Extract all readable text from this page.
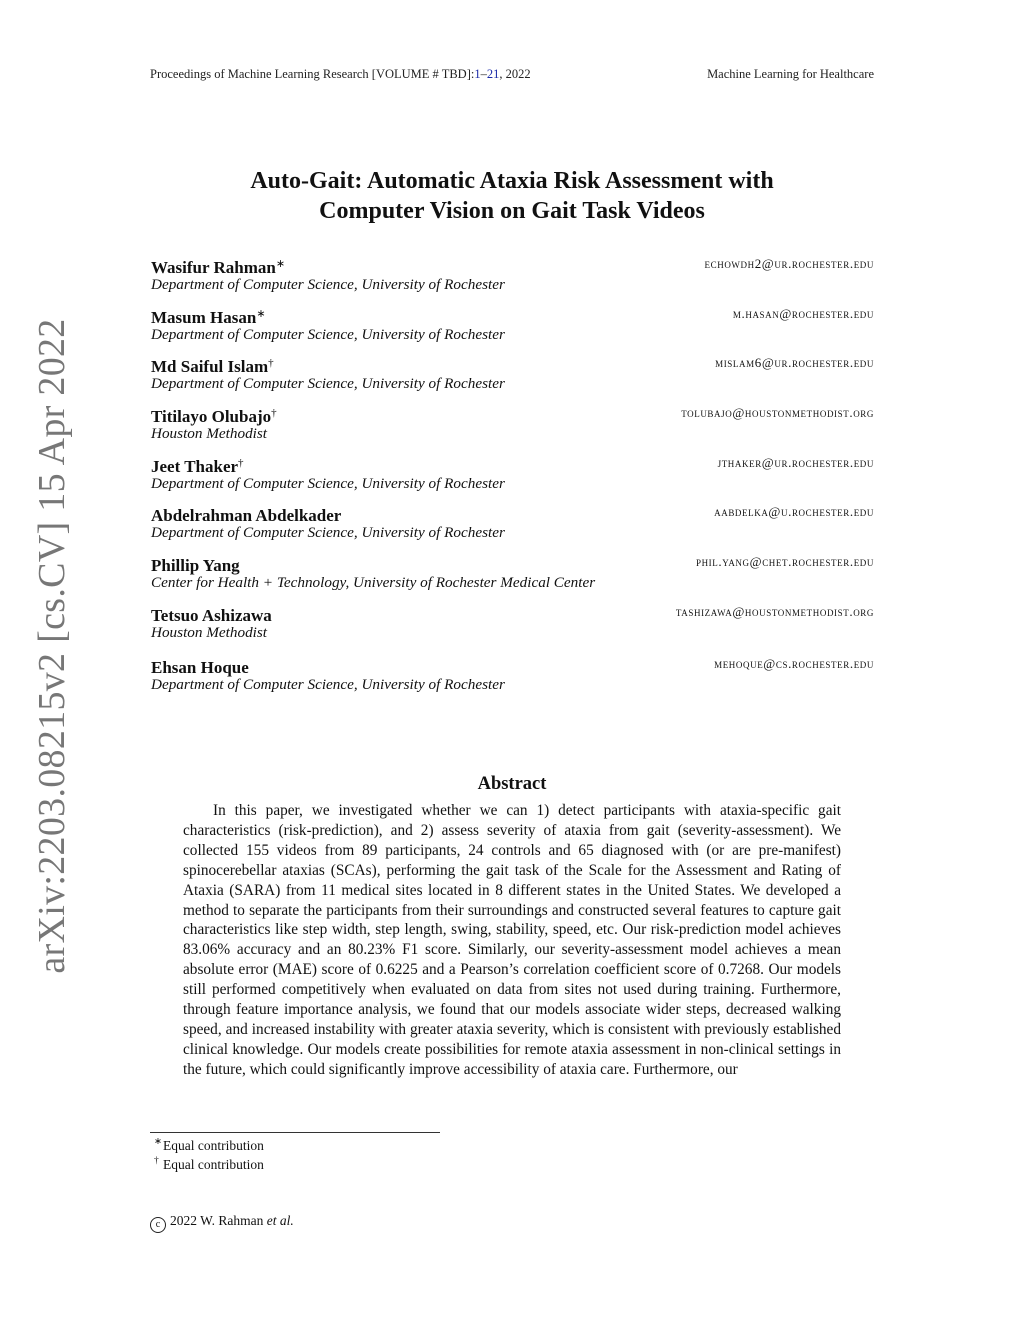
Proceedings of Machine Learning Research [VOLUME # TBD]:1–21, 2022	Machine Learning for Healthcare
arXiv:2203.08215v2 [cs.CV] 15 Apr 2022
Auto-Gait: Automatic Ataxia Risk Assessment with
Computer Vision on Gait Task Videos
Wasifur Rahman∗	echowdh2@ur.rochester.edu
Department of Computer Science, University of Rochester
Masum Hasan∗	m.hasan@rochester.edu
Department of Computer Science, University of Rochester
Md Saiful Islam†	mislam6@ur.rochester.edu
Department of Computer Science, University of Rochester
Titilayo Olubajo†	tolubajo@houstonmethodist.org
Houston Methodist
Jeet Thaker†	jthaker@ur.rochester.edu
Department of Computer Science, University of Rochester
Abdelrahman Abdelkader	aabdelka@u.rochester.edu
Department of Computer Science, University of Rochester
Phillip Yang	phil.yang@chet.rochester.edu
Center for Health + Technology, University of Rochester Medical Center
Tetsuo Ashizawa	tashizawa@houstonmethodist.org
Houston Methodist
Ehsan Hoque	mehoque@cs.rochester.edu
Department of Computer Science, University of Rochester
Abstract
In this paper, we investigated whether we can 1) detect participants with ataxia-specific gait characteristics (risk-prediction), and 2) assess severity of ataxia from gait (severity-assessment). We collected 155 videos from 89 participants, 24 controls and 65 diagnosed with (or are pre-manifest) spinocerebellar ataxias (SCAs), performing the gait task of the Scale for the Assessment and Rating of Ataxia (SARA) from 11 medical sites located in 8 different states in the United States. We developed a method to separate the participants from their surroundings and constructed several features to capture gait characteristics like step width, step length, swing, stability, speed, etc. Our risk-prediction model achieves 83.06% accuracy and an 80.23% F1 score. Similarly, our severity-assessment model achieves a mean absolute error (MAE) score of 0.6225 and a Pearson’s correlation coefficient score of 0.7268. Our models still performed competitively when evaluated on data from sites not used during training. Furthermore, through feature importance analysis, we found that our models associate wider steps, decreased walking speed, and increased instability with greater ataxia severity, which is consistent with previously established clinical knowledge. Our models create possibilities for remote ataxia assessment in non-clinical settings in the future, which could significantly improve accessibility of ataxia care. Furthermore, our
∗ Equal contribution
† Equal contribution
c 2022 W. Rahman et al.
